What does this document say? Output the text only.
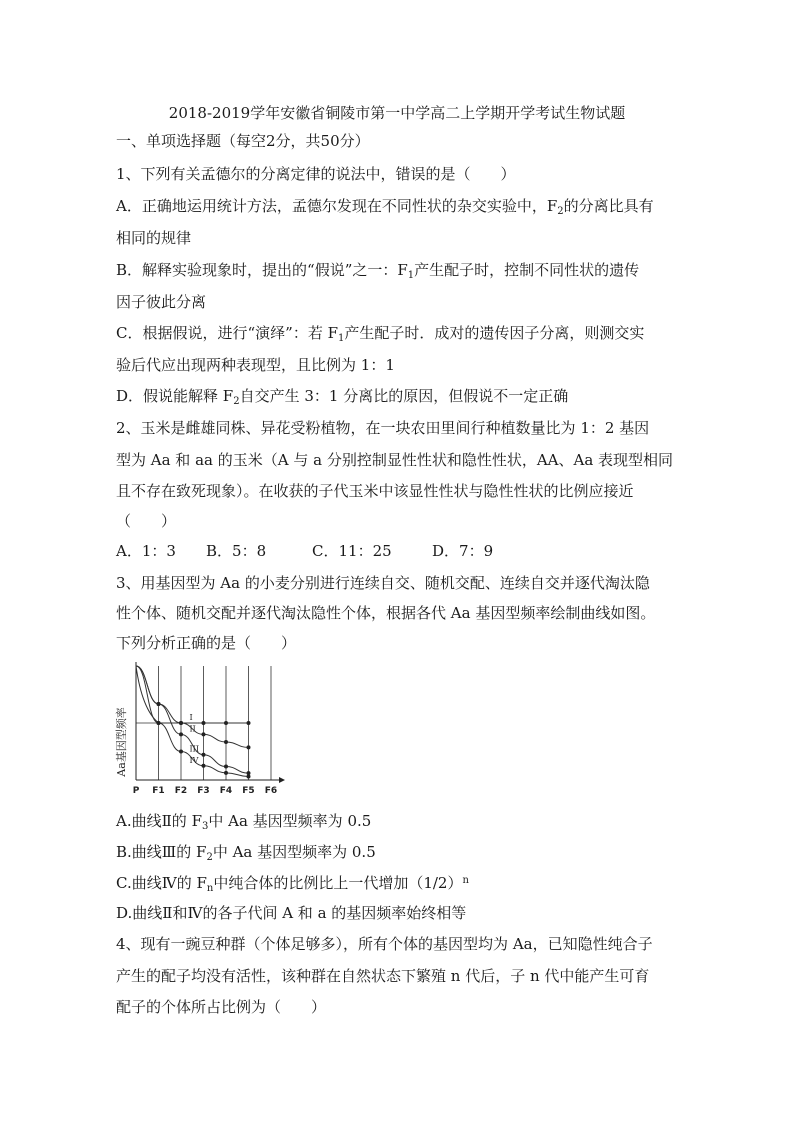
2018-2019学年安徽省铜陵市第一中学高二上学期开学考试生物试题
一、单项选择题（每空2分，共50分）
1、下列有关孟德尔的分离定律的说法中，错误的是（　　）
A．正确地运用统计方法，孟德尔发现在不同性状的杂交实验中，$F_2$的分离比具有
相同的规律
B．解释实验现象时，提出的“假说”之一：$F_1$产生配子时，控制不同性状的遗传
因子彼此分离
C．根据假说，进行“演绎”：若 $F_1$产生配子时．成对的遗传因子分离，则测交实
验后代应出现两种表现型，且比例为 1：1
D．假说能解释 $F_2$自交产生 3：1 分离比的原因，但假说不一定正确
2、玉米是雌雄同株、异花受粉植物，在一块农田里间行种植数量比为 1：2 基因
型为 Aa 和 aa 的玉米（A 与 a 分别控制显性性状和隐性性状，AA、Aa 表现型相同
且不存在致死现象）。在收获的子代玉米中该显性性状与隐性性状的比例应接近
（　　）
A．1：3 B．5：8	C．11：25	D．7：9
3、用基因型为 Aa 的小麦分别进行连续自交、随机交配、连续自交并逐代淘汰隐
性个体、随机交配并逐代淘汰隐性个体，根据各代 Aa 基因型频率绘制曲线如图。
下列分析正确的是（　　）
P F1 F2 F3 F4 F5 F6
I
II
III
IV
Aa基因型频率
A.曲线Ⅱ的 $F_3$中 Aa 基因型频率为 0.5
B.曲线Ⅲ的 $F_2$中 Aa 基因型频率为 0.5
C.曲线Ⅳ的 $F_n$中纯合体的比例比上一代增加$(1/2)^n$
D.曲线Ⅱ和Ⅳ的各子代间 A 和 a 的基因频率始终相等
4、现有一豌豆种群（个体足够多），所有个体的基因型均为 Aa，已知隐性纯合子
产生的配子均没有活性，该种群在自然状态下繁殖 n 代后，子 n 代中能产生可育
配子的个体所占比例为（　　）
